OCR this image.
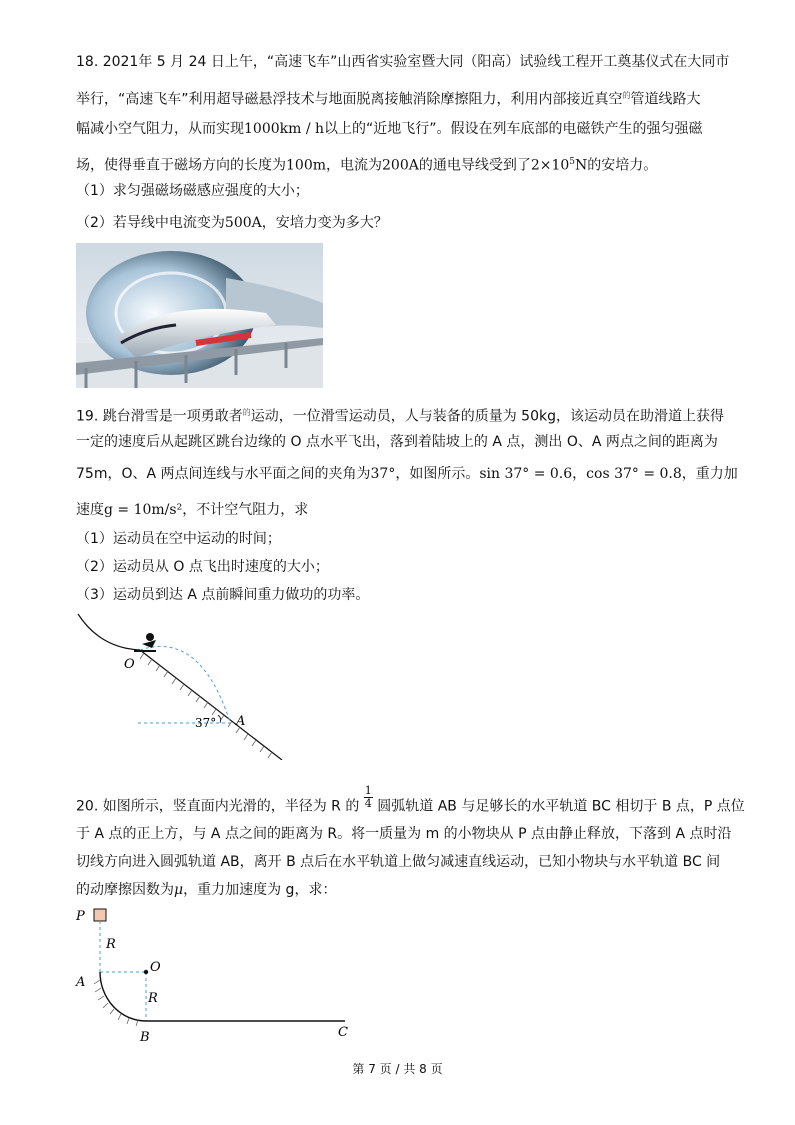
18. 2021年 5 月 24 日上午，“高速飞车”山西省实验室暨大同（阳高）试验线工程开工奠基仪式在大同市
举行，“高速飞车”利用超导磁悬浮技术与地面脱离接触消除摩擦阻力，利用内部接近真空$^的$管道线路大
幅减小空气阻力，从而实现1000km / h以上的“近地飞行”。假设在列车底部的电磁铁产生的强匀强磁
场，使得垂直于磁场方向的长度为100m，电流为200A的通电导线受到了$2\times 10^5N$的安培力。
（1）求匀强磁场磁感应强度的大小；
（2）若导线中电流变为500A，安培力变为多大？
19. 跳台滑雪是一项勇敢者$^的$运动，一位滑雪运动员，人与装备的质量为 50kg，该运动员在助滑道上获得
一定的速度后从起跳区跳台边缘的 O 点水平飞出，落到着陆坡上的 A 点，测出 O、A 两点之间的距离为
75m，O、A 两点间连线与水平面之间的夹角为37°，如图所示。sin 37° = 0.6，cos 37° = 0.8，重力加
速度g = 10m/s²，不计空气阻力，求
（1）运动员在空中运动的时间；
（2）运动员从 O 点飞出时速度的大小；
（3）运动员到达 A 点前瞬间重力做功的功率。
O
37° A
20. 如图所示，竖直面内光滑的，半径为 R 的 $\frac{1}{4}$ 圆弧轨道 AB 与足够长的水平轨道 BC 相切于 B 点，P 点位
于 A 点的正上方，与 A 点之间的距离为 R。将一质量为 m 的小物块从 P 点由静止释放，下落到 A 点时沿
切线方向进入圆弧轨道 AB，离开 B 点后在水平轨道上做匀减速直线运动，已知小物块与水平轨道 BC 间
的动摩擦因数为μ，重力加速度为 g，求：
P
R
O
A
R
B	C
第 7 页 / 共 8 页
